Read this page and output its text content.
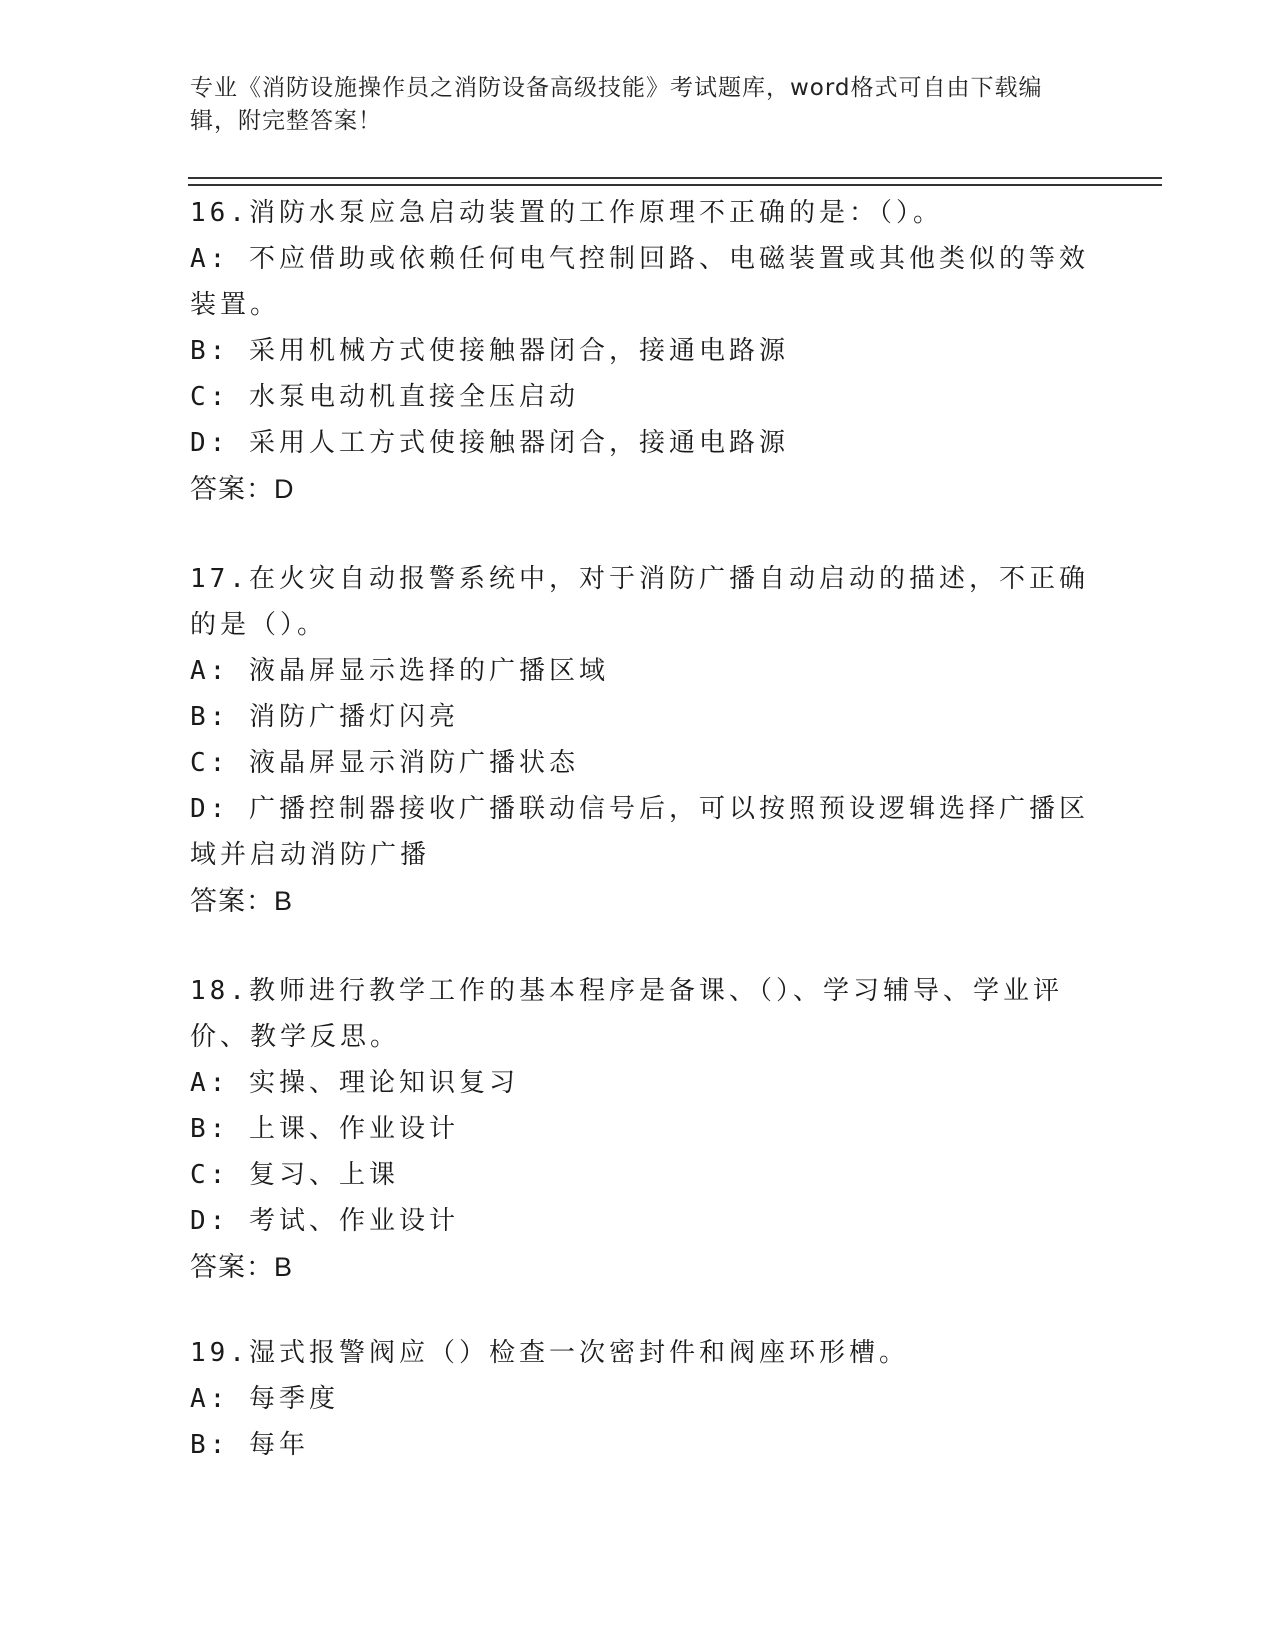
专业《消防设施操作员之消防设备高级技能》考试题库，word格式可自由下载编辑，附完整答案！
16.消防水泵应急启动装置的工作原理不正确的是：（）。
A: 不应借助或依赖任何电气控制回路、电磁装置或其他类似的等效装置。
B: 采用机械方式使接触器闭合，接通电路源
C: 水泵电动机直接全压启动
D: 采用人工方式使接触器闭合，接通电路源
答案：D
17.在火灾自动报警系统中，对于消防广播自动启动的描述，不正确的是（）。
A: 液晶屏显示选择的广播区域
B: 消防广播灯闪亮
C: 液晶屏显示消防广播状态
D: 广播控制器接收广播联动信号后，可以按照预设逻辑选择广播区域并启动消防广播
答案：B
18.教师进行教学工作的基本程序是备课、（）、学习辅导、学业评价、教学反思。
A: 实操、理论知识复习
B: 上课、作业设计
C: 复习、上课
D: 考试、作业设计
答案：B
19.湿式报警阀应（）检查一次密封件和阀座环形槽。
A: 每季度
B: 每年
